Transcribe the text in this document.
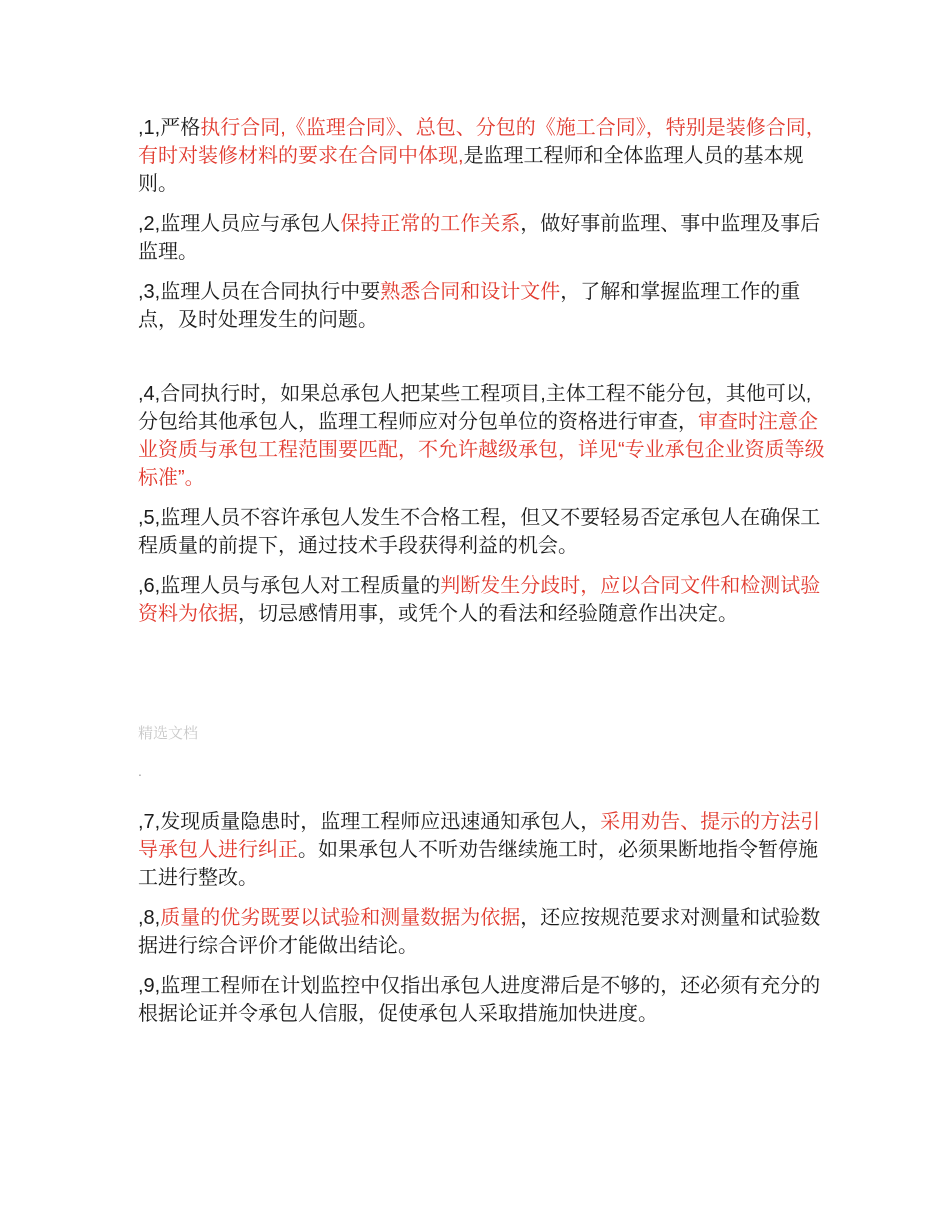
,1,严格执行合同,《监理合同》、总包、分包的《施工合同》，特别是装修合同，有时对装修材料的要求在合同中体现,是监理工程师和全体监理人员的基本规则。

,2,监理人员应与承包人保持正常的工作关系，做好事前监理、事中监理及事后监理。

,3,监理人员在合同执行中要熟悉合同和设计文件，了解和掌握监理工作的重点，及时处理发生的问题。

,4,合同执行时，如果总承包人把某些工程项目,主体工程不能分包，其他可以,分包给其他承包人，监理工程师应对分包单位的资格进行审查，审查时注意企业资质与承包工程范围要匹配，不允许越级承包，详见“专业承包企业资质等级标准”。

,5,监理人员不容许承包人发生不合格工程，但又不要轻易否定承包人在确保工程质量的前提下，通过技术手段获得利益的机会。

,6,监理人员与承包人对工程质量的判断发生分歧时，应以合同文件和检测试验资料为依据，切忌感情用事，或凭个人的看法和经验随意作出决定。

精选文档
.

,7,发现质量隐患时，监理工程师应迅速通知承包人，采用劝告、提示的方法引导承包人进行纠正。如果承包人不听劝告继续施工时，必须果断地指令暂停施工进行整改。

,8,质量的优劣既要以试验和测量数据为依据，还应按规范要求对测量和试验数据进行综合评价才能做出结论。

,9,监理工程师在计划监控中仅指出承包人进度滞后是不够的，还必须有充分的根据论证并令承包人信服，促使承包人采取措施加快进度。
